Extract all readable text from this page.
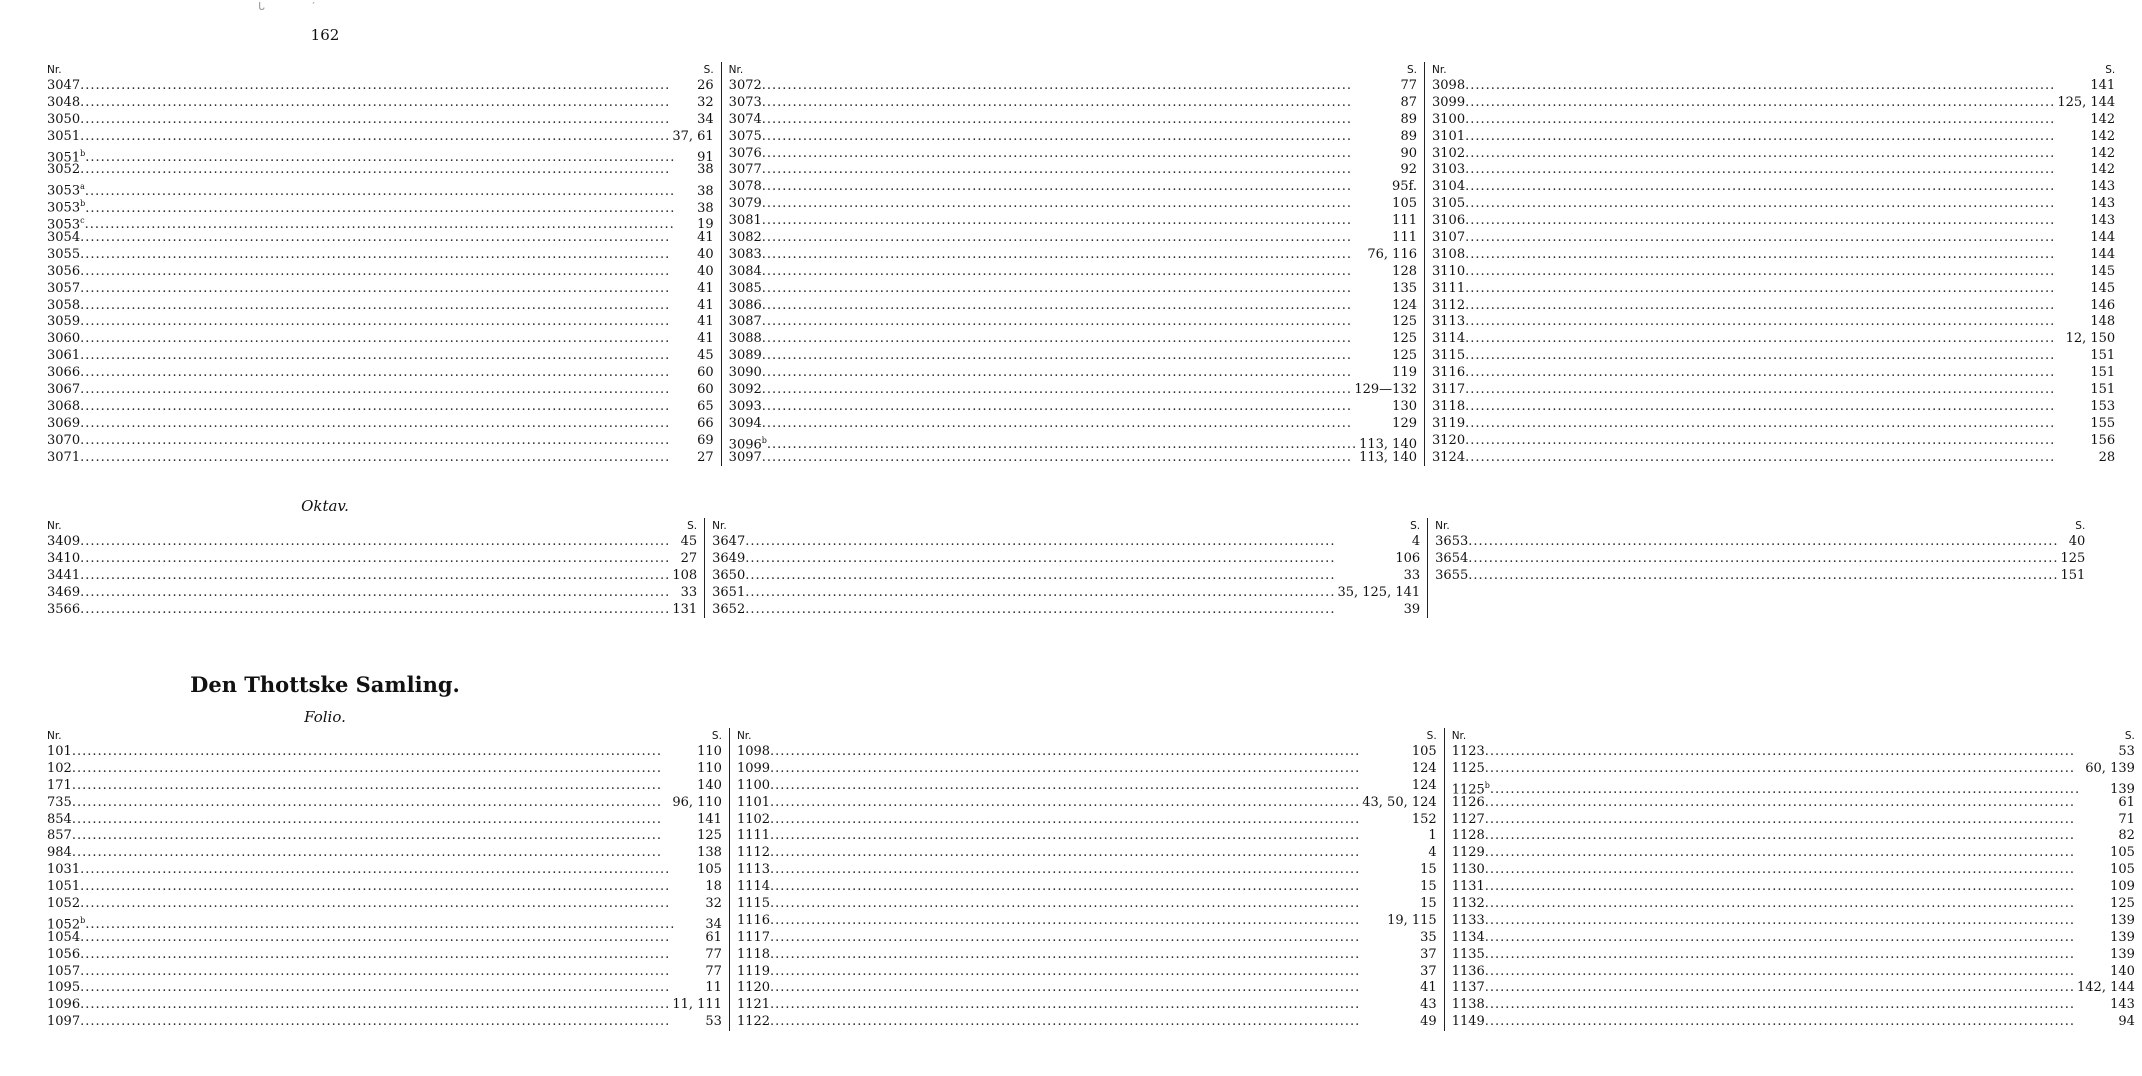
ᒐ ′
162
Nr.	S.
3047 .....	26
3048 .....	32
3050 .....	34
3051 .....	37, 61
3051$^b$ .....	91
3052 .....	38
3053$^a$ .....	38
3053$^b$ .....	38
3053$^c$ .....	19
3054 .....	41
3055 .....	40
3056 .....	40
3057 .....	41
3058 .....	41
3059 .....	41
3060 .....	41
3061 .....	45
3066 .....	60
3067 .....	60
3068 .....	65
3069 .....	66
3070 .....	69
3071 .....	27
Nr.	S.
3072 .....	77
3073 .....	87
3074 .....	89
3075 .....	89
3076 .....	90
3077 .....	92
3078 .....	95f.
3079 .....	105
3081 .....	111
3082 .....	111
3083 .....	76, 116
3084 .....	128
3085 .....	135
3086 .....	124
3087 .....	125
3088 .....	125
3089 .....	125
3090 .....	119
3092 .....	129—132
3093 .....	130
3094 .....	129
3096$^b$ .....	113, 140
3097 .....	113, 140
Nr.	S.
3098 .....	141
3099 .....	125, 144
3100 .....	142
3101 .....	142
3102 .....	142
3103 .....	142
3104 .....	143
3105 .....	143
3106 .....	143
3107 .....	144
3108 .....	144
3110 .....	145
3111 .....	145
3112 .....	146
3113 .....	148
3114 .....	12, 150
3115 .....	151
3116 .....	151
3117 .....	151
3118 .....	153
3119 .....	155
3120 .....	156
3124 .....	28
Oktav.
Nr.	S.
3409 .....	45
3410 .....	27
3441 .....	108
3469 .....	33
3566 .....	131
Nr.	S.
3647 .....	4
3649 .....	106
3650 .....	33
3651 .....	35, 125, 141
3652 .....	39
Nr.	S.
3653 .....	40
3654 .....	125
3655 .....	151
Den Thottske Samling.
Folio.
Nr.	S.
101 .....	110
102 .....	110
171 .....	140
735 .....	96, 110
854 .....	141
857 .....	125
984 .....	138
1031 .....	105
1051 .....	18
1052 .....	32
1052$^b$ .....	34
1054 .....	61
1056 .....	77
1057 .....	77
1095 .....	11
1096 .....	11, 111
1097 .....	53
Nr.	S.
1098 .....	105
1099 .....	124
1100 .....	124
1101 .....	43, 50, 124
1102 .....	152
1111 .....	1
1112 .....	4
1113 .....	15
1114 .....	15
1115 .....	15
1116 .....	19, 115
1117 .....	35
1118 .....	37
1119 .....	37
1120 .....	41
1121 .....	43
1122 .....	49
Nr.	S.
1123 .....	53
1125 .....	60, 139
1125$^b$ .....	139
1126 .....	61
1127 .....	71
1128 .....	82
1129 .....	105
1130 .....	105
1131 .....	109
1132 .....	125
1133 .....	139
1134 .....	139
1135 .....	139
1136 .....	140
1137 .....	142, 144
1138 .....	143
1149 .....	94
